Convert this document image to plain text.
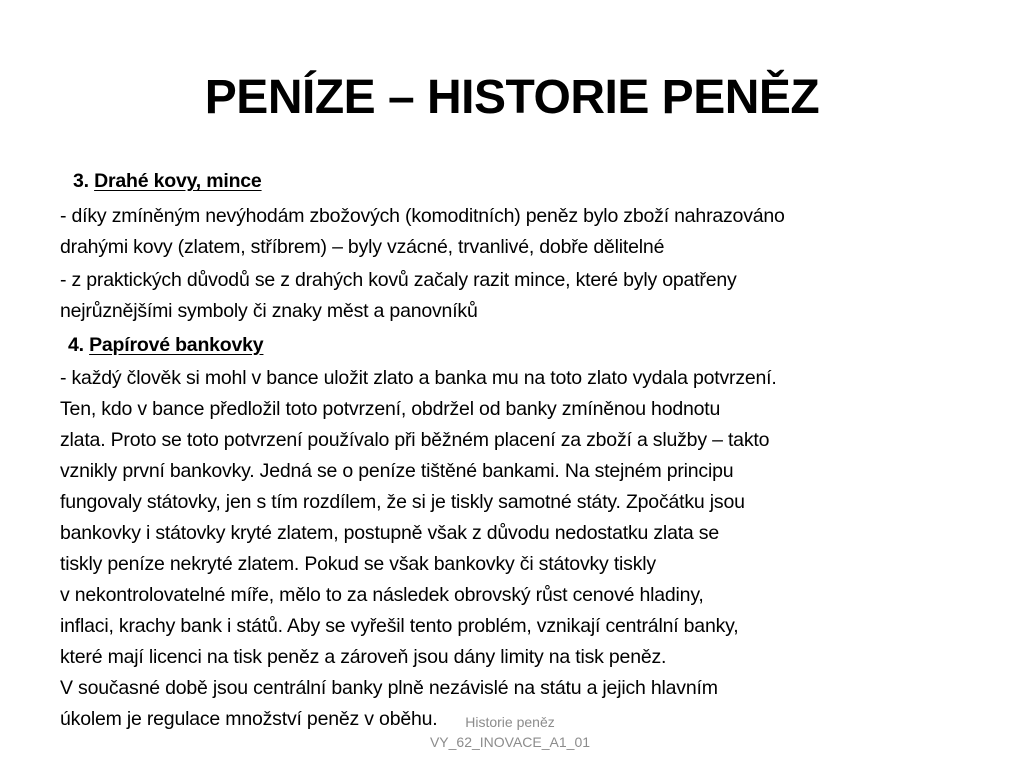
PENÍZE – HISTORIE PENĚZ
3. Drahé kovy, mince
- díky zmíněným nevýhodám zbožových (komoditních) peněz bylo zboží nahrazováno
drahými kovy (zlatem, stříbrem) – byly vzácné, trvanlivé, dobře dělitelné
- z praktických důvodů se z drahých kovů začaly razit mince, které byly opatřeny
nejrůznějšími symboly či znaky měst a panovníků
4. Papírové bankovky
- každý člověk si mohl v bance uložit zlato a banka mu na toto zlato vydala potvrzení.
Ten, kdo v bance předložil toto potvrzení, obdržel od banky zmíněnou hodnotu
zlata. Proto se toto potvrzení používalo při běžném placení za zboží a služby – takto
vznikly první bankovky. Jedná se o peníze tištěné bankami. Na stejném principu
fungovaly státovky, jen s tím rozdílem, že si je tiskly samotné státy. Zpočátku jsou
bankovky i státovky kryté zlatem, postupně však z důvodu nedostatku zlata se
tiskly peníze nekryté zlatem. Pokud se však bankovky či státovky tiskly
v nekontrolovatelné míře, mělo to za následek obrovský růst cenové hladiny,
inflaci, krachy bank i států. Aby se vyřešil tento problém, vznikají centrální banky,
které mají licenci na tisk peněz a zároveň jsou dány limity na tisk peněz.
V současné době jsou centrální banky plně nezávislé na státu a jejich hlavním
úkolem je regulace množství peněz v oběhu.	Historie peněz
VY_62_INOVACE_A1_01
